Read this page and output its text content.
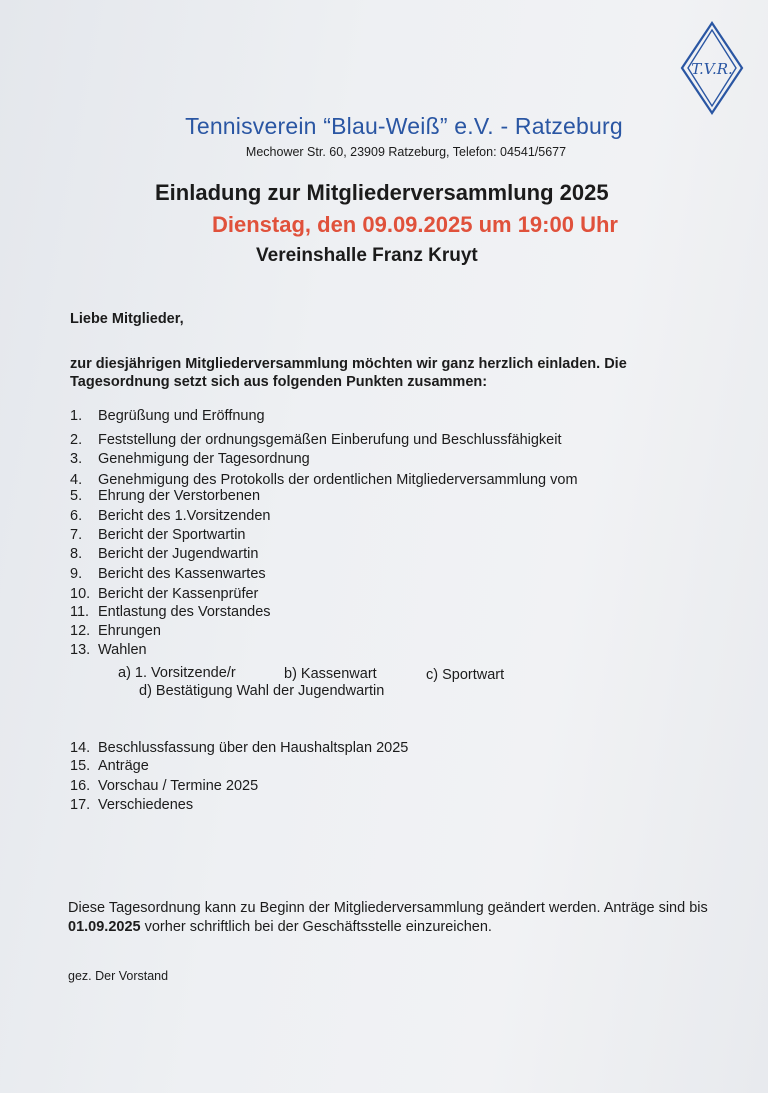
T.V.R.
Tennisverein “Blau-Weiß” e.V. - Ratzeburg
Mechower Str. 60, 23909 Ratzeburg, Telefon: 04541/5677
Einladung zur Mitgliederversammlung 2025
Dienstag, den 09.09.2025 um 19:00 Uhr
Vereinshalle Franz Kruyt
Liebe Mitglieder,
zur diesjährigen Mitgliederversammlung möchten wir ganz herzlich einladen. Die Tagesordnung setzt sich aus folgenden Punkten zusammen:
1. Begrüßung und Eröffnung
2. Feststellung der ordnungsgemäßen Einberufung und Beschlussfähigkeit
3. Genehmigung der Tagesordnung
4. Genehmigung des Protokolls der ordentlichen Mitgliederversammlung vom
5. Ehrung der Verstorbenen
6. Bericht des 1.Vorsitzenden
7. Bericht der Sportwartin
8. Bericht der Jugendwartin
9. Bericht des Kassenwartes
10. Bericht der Kassenprüfer
11. Entlastung des Vorstandes
12. Ehrungen
13. Wahlen
a) 1. Vorsitzende/r	b) Kassenwart	c) Sportwart
d) Bestätigung Wahl der Jugendwartin
14. Beschlussfassung über den Haushaltsplan 2025
15. Anträge
16. Vorschau / Termine 2025
17. Verschiedenes
Diese Tagesordnung kann zu Beginn der Mitgliederversammlung geändert werden. Anträge sind bis 01.09.2025 vorher schriftlich bei der Geschäftsstelle einzureichen.
gez. Der Vorstand
